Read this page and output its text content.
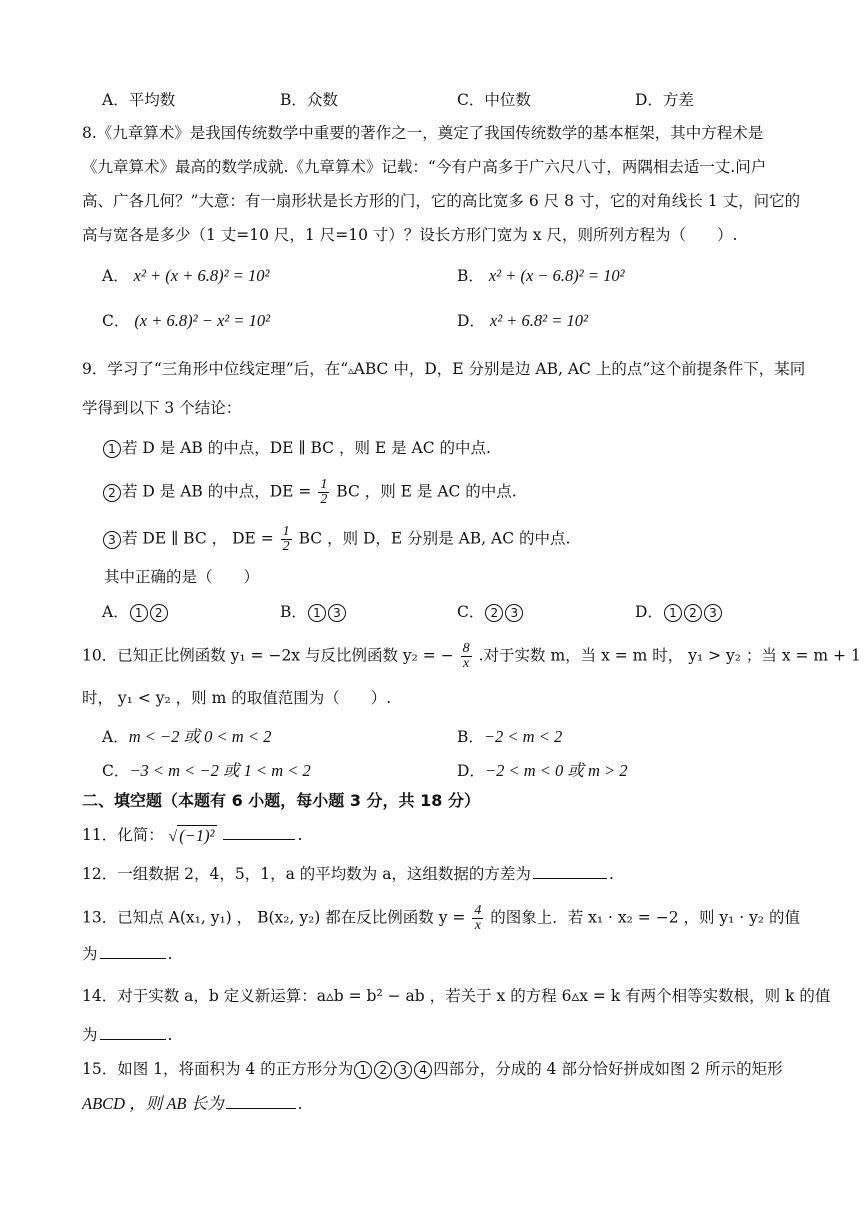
A．平均数	B．众数	C．中位数	D．方差
8.《九章算术》是我国传统数学中重要的著作之一，奠定了我国传统数学的基本框架，其中方程术是
《九章算术》最高的数学成就.《九章算术》记载：“今有户高多于广六尺八寸，两隅相去适一丈.问户
高、广各几何？”大意：有一扇形状是长方形的门，它的高比宽多 6 尺 8 寸，它的对角线长 1 丈，问它的
高与宽各是多少（1 丈=10 尺，1 尺=10 寸）？设长方形门宽为 x 尺，则所列方程为（　　）.
A． x² + (x + 6.8)² = 10²	B． x² + (x − 6.8)² = 10²
C． (x + 6.8)² − x² = 10²	D． x² + 6.8² = 10²
9．学习了“三角形中位线定理”后，在“▵ABC 中，D，E 分别是边 AB, AC 上的点”这个前提条件下，某同
学得到以下 3 个结论：
1 若 D 是 AB 的中点，DE ∥ BC ，则 E 是 AC 的中点.
2 若 D 是 AB 的中点，DE = $\frac{1}{2}$ BC ，则 E 是 AC 的中点.
3 若 DE ∥ BC ， DE = $\frac{1}{2}$ BC ，则 D，E 分别是 AB, AC 的中点.
其中正确的是（　　）
A． 1 2	B． 1 3	C． 2 3	D． 1 2 3
10．已知正比例函数 y₁ = −2x 与反比例函数 y₂ = − $\frac{8}{x}$ .对于实数 m，当 x = m 时， y₁ > y₂ ；当 x = m + 1
时， y₁ < y₂ ，则 m 的取值范围为（　　）.
A．m < −2 或 0 < m < 2	B．−2 < m < 2
C．−3 < m < −2 或 1 < m < 2	D．−2 < m < 0 或 m > 2
二、填空题（本题有 6 小题，每小题 3 分，共 18 分）
11．化简： √ (−1)²	.
12．一组数据 2，4，5，1，a 的平均数为 a，这组数据的方差为	.
13．已知点 A(x₁, y₁) ， B(x₂, y₂) 都在反比例函数 $y = \frac{4}{x}$ 的图象上．若 x₁ · x₂ = −2 ，则 y₁ · y₂ 的值
为	.
14．对于实数 a，b 定义新运算：a▵b = b² − ab ，若关于 x 的方程 6▵x = k 有两个相等实数根，则 k 的值
为	.
15．如图 1，将面积为 4 的正方形分为 1 2 3 4 四部分，分成的 4 部分恰好拼成如图 2 所示的矩形
ABCD ，则 AB 长为	.
